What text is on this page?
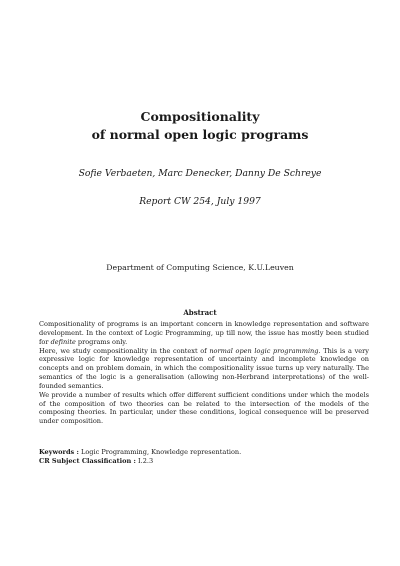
Compositionality
of normal open logic programs
Sofie Verbaeten, Marc Denecker, Danny De Schreye
Report CW 254, July 1997
Department of Computing Science, K.U.Leuven
Abstract

Compositionality of programs is an important concern in knowledge representation and software development. In the context of Logic Programming, up till now, the issue has mostly been studied for definite programs only.

Here, we study compositionality in the context of normal open logic programming. This is a very expressive logic for knowledge representation of uncertainty and incomplete knowledge on concepts and on problem domain, in which the compositionality issue turns up very naturally. The semantics of the logic is a generalisation (allowing non-Herbrand interpretations) of the well-founded semantics.

We provide a number of results which offer different sufficient conditions under which the models of the composition of two theories can be related to the intersection of the models of the composing theories. In particular, under these conditions, logical consequence will be preserved under composition.

Keywords : Logic Programming, Knowledge representation.

CR Subject Classification : I.2.3
